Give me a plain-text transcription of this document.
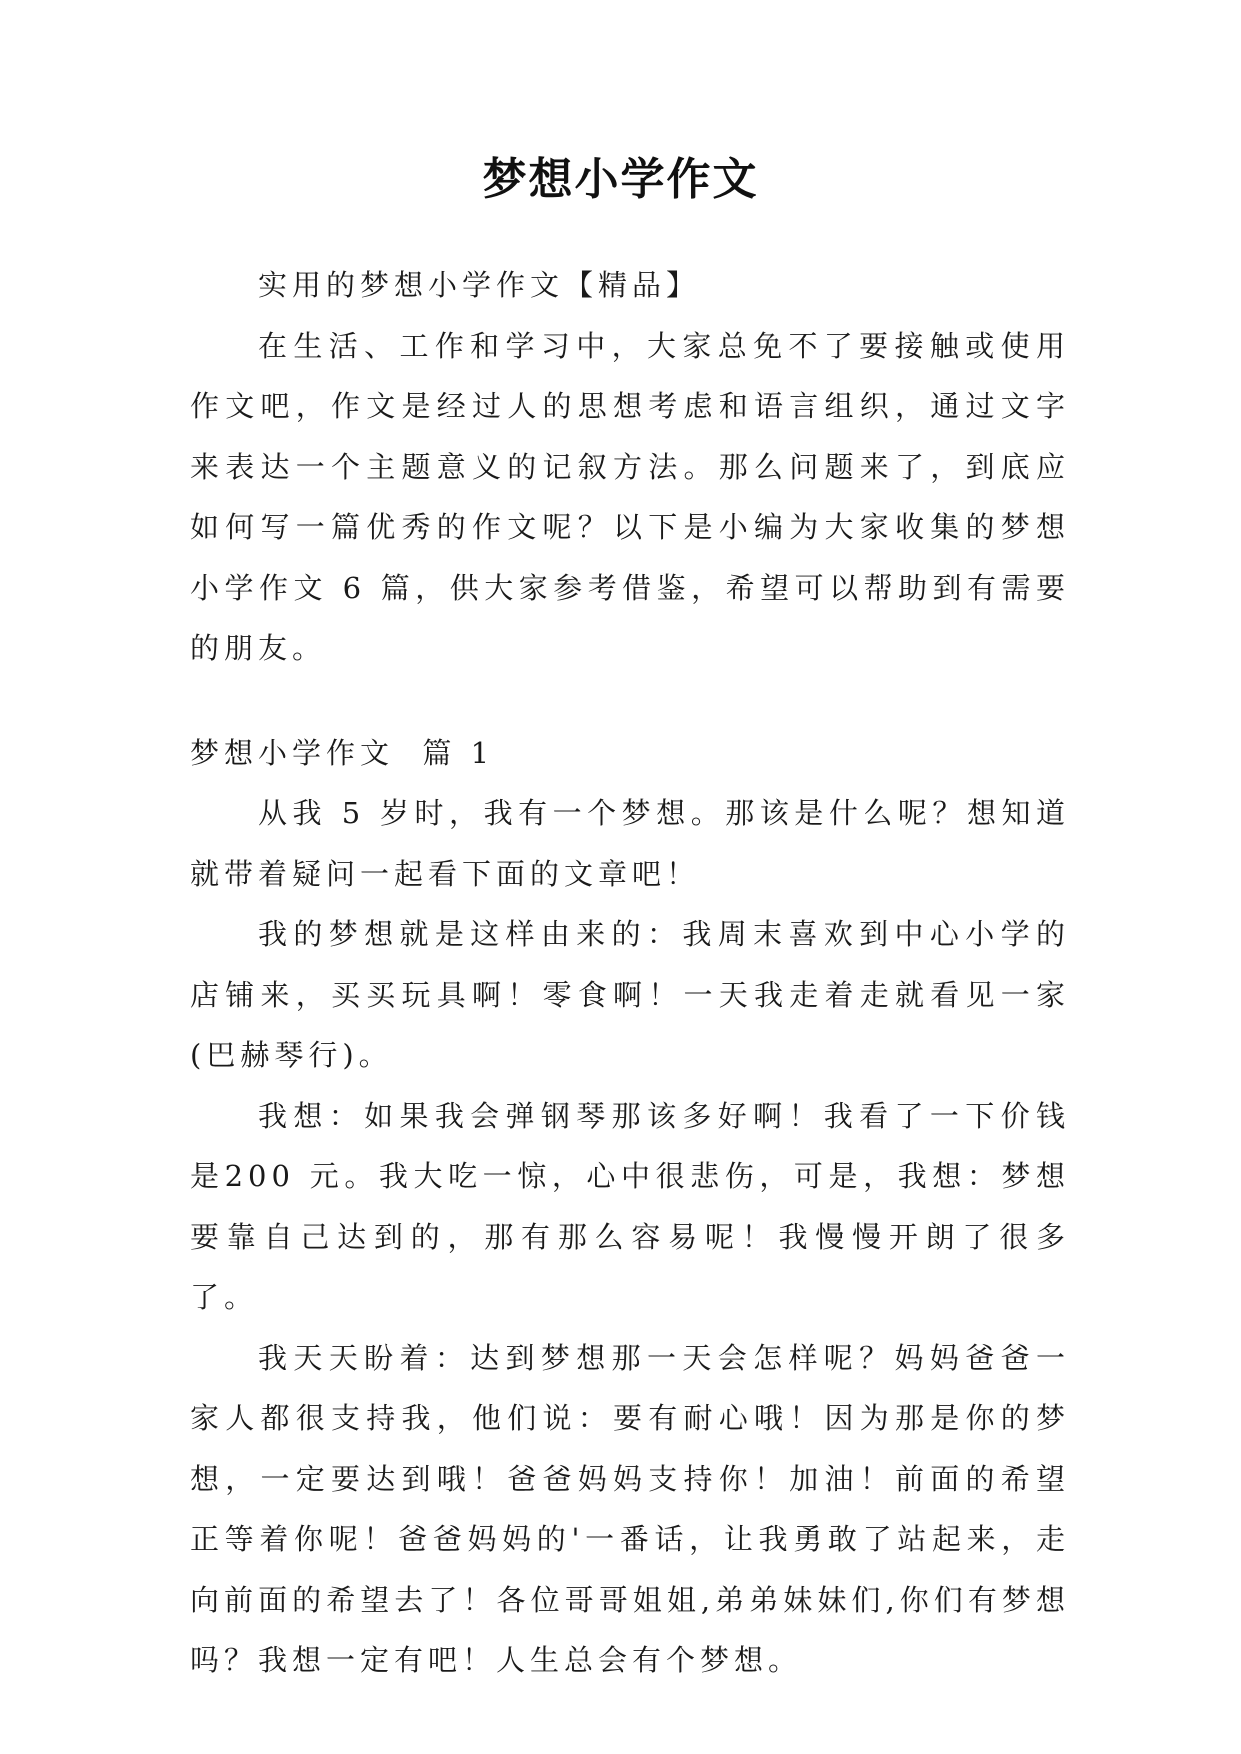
梦想小学作文

实用的梦想小学作文【精品】

在生活、工作和学习中，大家总免不了要接触或使用作文吧，作文是经过人的思想考虑和语言组织，通过文字来表达一个主题意义的记叙方法。那么问题来了，到底应如何写一篇优秀的作文呢？以下是小编为大家收集的梦想小学作文 6 篇，供大家参考借鉴，希望可以帮助到有需要的朋友。

梦想小学作文  篇 1

从我 5 岁时，我有一个梦想。那该是什么呢？想知道就带着疑问一起看下面的文章吧！

我的梦想就是这样由来的：我周末喜欢到中心小学的店铺来，买买玩具啊！零食啊！一天我走着走就看见一家(巴赫琴行)。

我想：如果我会弹钢琴那该多好啊！我看了一下价钱是200 元。我大吃一惊，心中很悲伤，可是，我想：梦想要靠自己达到的，那有那么容易呢！我慢慢开朗了很多了。

我天天盼着：达到梦想那一天会怎样呢？妈妈爸爸一家人都很支持我，他们说：要有耐心哦！因为那是你的梦想，一定要达到哦！爸爸妈妈支持你！加油！前面的希望正等着你呢！爸爸妈妈的'一番话，让我勇敢了站起来，走向前面的希望去了！各位哥哥姐姐,弟弟妹妹们,你们有梦想吗？我想一定有吧！人生总会有个梦想。
